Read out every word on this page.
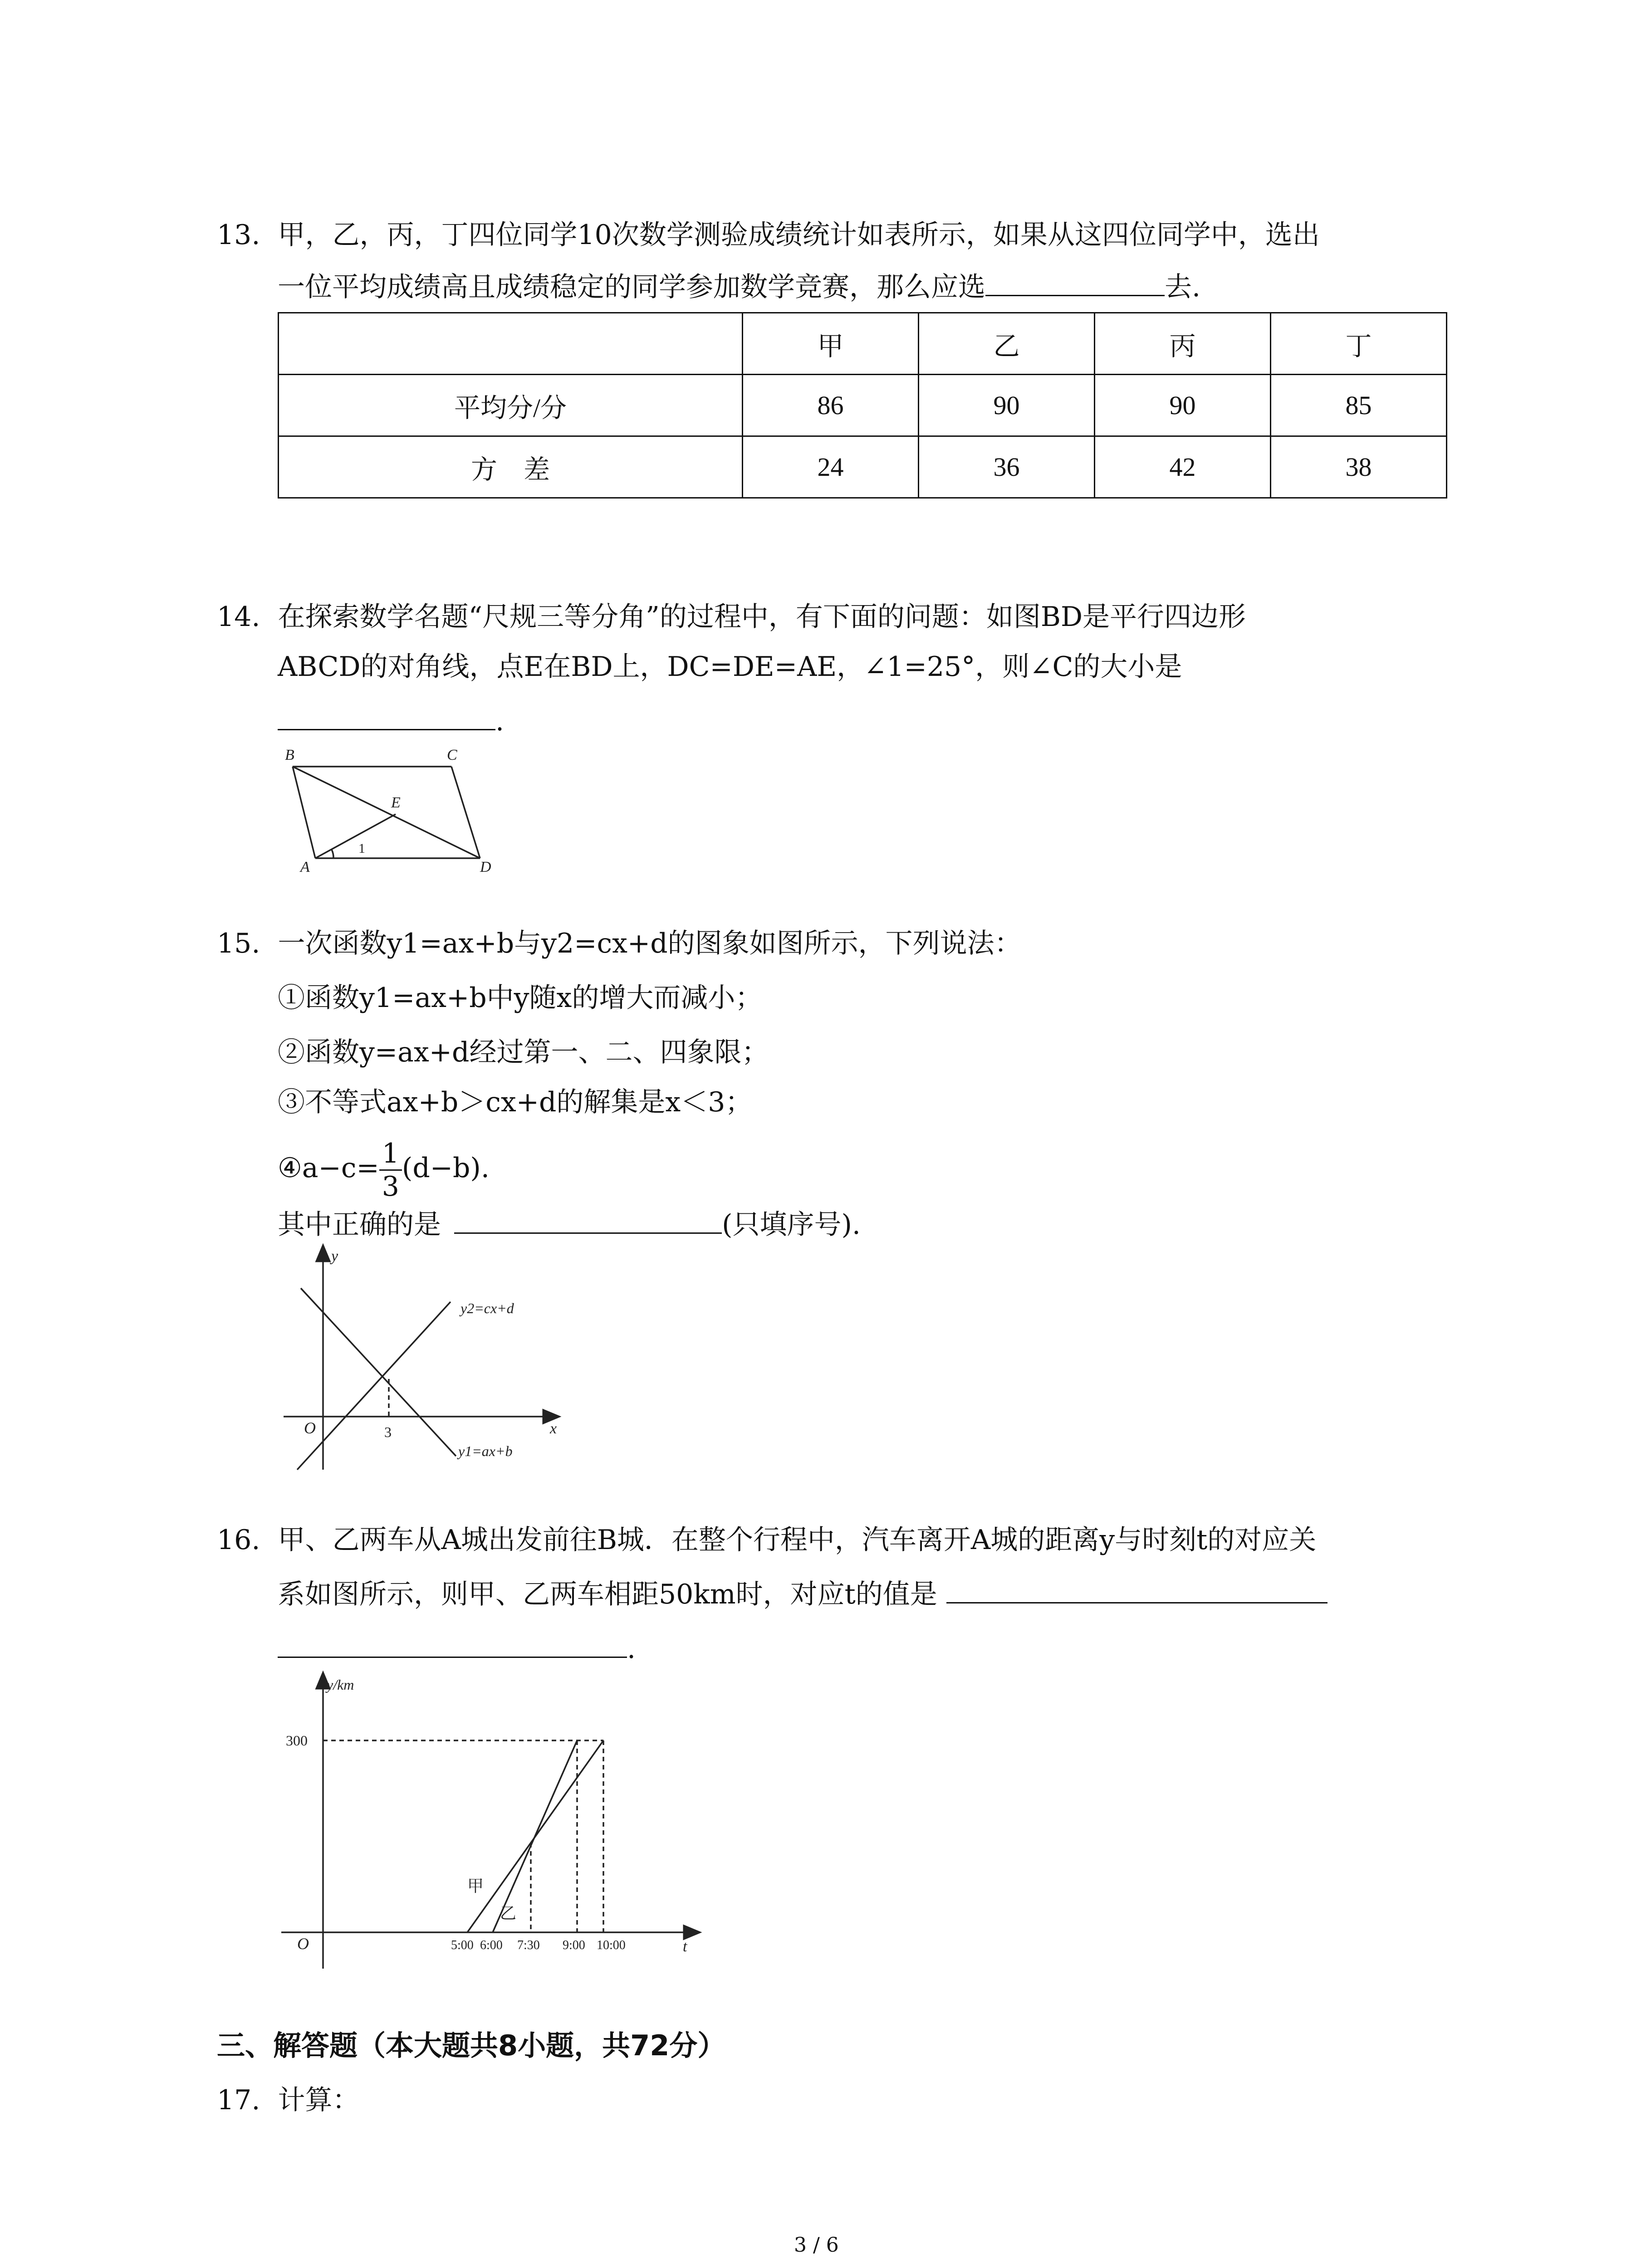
13. 甲，乙，丙，丁四位同学10次数学测验成绩统计如表所示，如果从这四位同学中，选出
一位平均成绩高且成绩稳定的同学参加数学竞赛，那么应选	去.
	甲	乙	丙	丁
平均分/分	86	90	90	85
方　差	24	36	42	38
14. 在探索数学名题“尺规三等分角”的过程中，有下面的问题：如图BD是平行四边形
ABCD的对角线，点E在BD上，DC=DE=AE，∠1=25°，则∠C的大小是
.
B	C
E
A	D
1
15. 一次函数y1=ax+b与y2=cx+d的图象如图所示，下列说法：
①函数y1=ax+b中y随x的增大而减小；
②函数y=ax+d经过第一、二、四象限；
③不等式ax+b＞cx+d的解集是x＜3；
④a−c= $\frac{1}{3} (d-b)$.
其中正确的是	(只填序号).
y
x
O	3
y2=cx+d
y1=ax+b
16. 甲、乙两车从A城出发前往B城．在整个行程中，汽车离开A城的距离y与时刻t的对应关
系如图所示，则甲、乙两车相距50km时，对应t的值是
.
y/km
300
O	t
甲
乙
5:00 6:00 7:30 9:00 10:00
三、解答题（本大题共8小题，共72分）
17. 计算：
3 / 6
